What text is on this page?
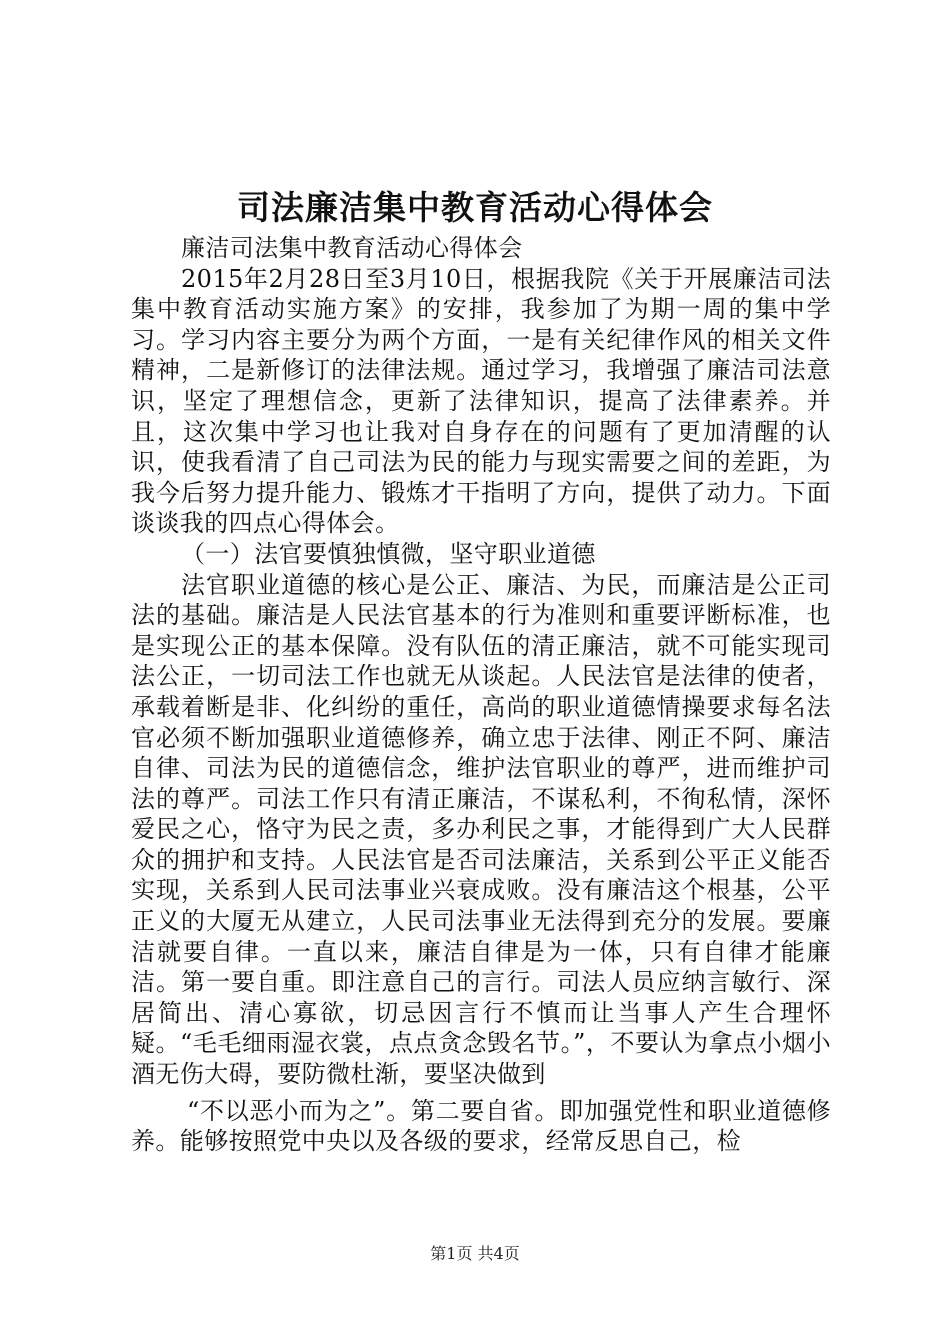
司法廉洁集中教育活动心得体会

廉洁司法集中教育活动心得体会

2015年2月28日至3月10日，根据我院《关于开展廉洁司法集中教育活动实施方案》的安排，我参加了为期一周的集中学习。学习内容主要分为两个方面，一是有关纪律作风的相关文件精神，二是新修订的法律法规。通过学习，我增强了廉洁司法意识，坚定了理想信念，更新了法律知识，提高了法律素养。并且，这次集中学习也让我对自身存在的问题有了更加清醒的认识，使我看清了自己司法为民的能力与现实需要之间的差距，为我今后努力提升能力、锻炼才干指明了方向，提供了动力。下面谈谈我的四点心得体会。

（一）法官要慎独慎微，坚守职业道德

法官职业道德的核心是公正、廉洁、为民，而廉洁是公正司法的基础。廉洁是人民法官基本的行为准则和重要评断标准，也是实现公正的基本保障。没有队伍的清正廉洁，就不可能实现司法公正，一切司法工作也就无从谈起。人民法官是法律的使者，承载着断是非、化纠纷的重任，高尚的职业道德情操要求每名法官必须不断加强职业道德修养，确立忠于法律、刚正不阿、廉洁自律、司法为民的道德信念，维护法官职业的尊严，进而维护司法的尊严。司法工作只有清正廉洁，不谋私利，不徇私情，深怀爱民之心，恪守为民之责，多办利民之事，才能得到广大人民群众的拥护和支持。人民法官是否司法廉洁，关系到公平正义能否实现，关系到人民司法事业兴衰成败。没有廉洁这个根基，公平正义的大厦无从建立，人民司法事业无法得到充分的发展。要廉洁就要自律。一直以来，廉洁自律是为一体，只有自律才能廉洁。第一要自重。即注意自己的言行。司法人员应纳言敏行、深居简出、清心寡欲，切忌因言行不慎而让当事人产生合理怀疑。“毛毛细雨湿衣裳，点点贪念毁名节。”，不要认为拿点小烟小酒无伤大碍，要防微杜渐，要坚决做到

“不以恶小而为之”。第二要自省。即加强党性和职业道德修养。能够按照党中央以及各级的要求，经常反思自己，检

第1页 共4页
